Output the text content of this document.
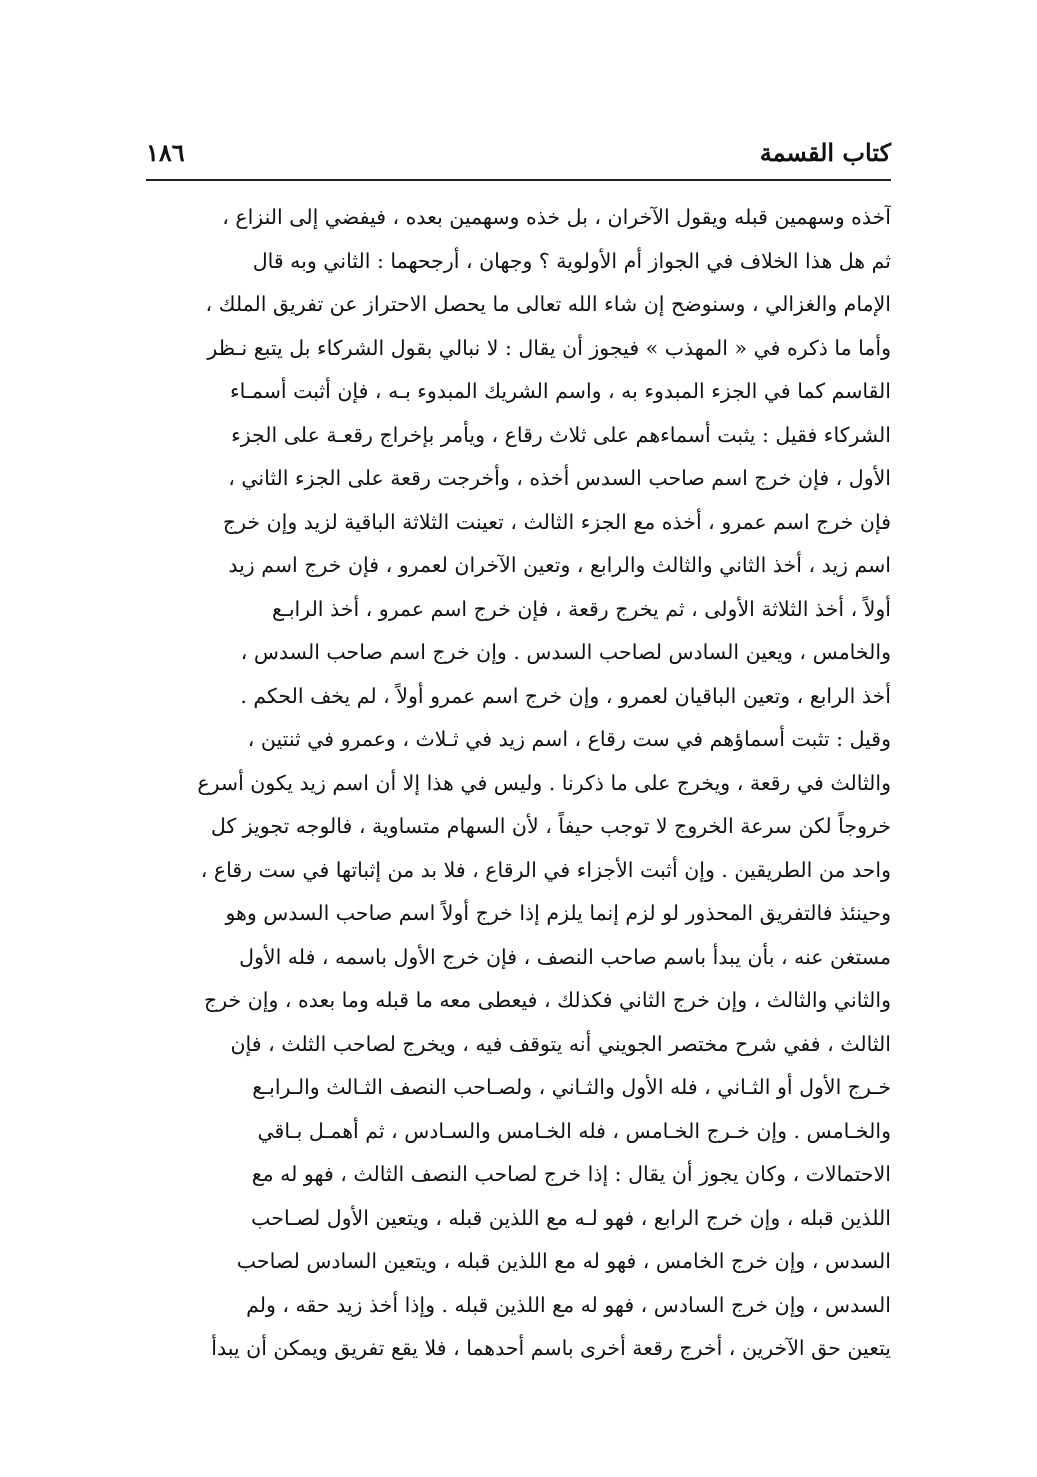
كتاب القسمة
١٨٦
آخذه وسهمين قبله ويقول الآخران ، بل خذه وسهمين بعده ، فيفضي إلى النزاع ،
ثم هل هذا الخلاف في الجواز أم الأولوية ؟ وجهان ، أرجحهما : الثاني وبه قال
الإمام والغزالي ، وسنوضح إن شاء الله تعالى ما يحصل الاحتراز عن تفريق الملك ،
وأما ما ذكره في « المهذب » فيجوز أن يقال : لا نبالي بقول الشركاء بل يتبع نـظر
القاسم كما في الجزء المبدوء به ، واسم الشريك المبدوء بـه ، فإن أثبت أسمـاء
الشركاء فقيل : يثبت أسماءهم على ثلاث رقاع ، ويأمر بإخراج رقعـة على الجزء
الأول ، فإن خرج اسم صاحب السدس أخذه ، وأخرجت رقعة على الجزء الثاني ،
فإن خرج اسم عمرو ، أخذه مع الجزء الثالث ، تعينت الثلاثة الباقية لزيد وإن خرج
اسم زيد ، أخذ الثاني والثالث والرابع ، وتعين الآخران لعمرو ، فإن خرج اسم زيد
أولاً ، أخذ الثلاثة الأولى ، ثم يخرج رقعة ، فإن خرج اسم عمرو ، أخذ الرابـع
والخامس ، ويعين السادس لصاحب السدس . وإن خرج اسم صاحب السدس ،
أخذ الرابع ، وتعين الباقيان لعمرو ، وإن خرج اسم عمرو أولاً ، لم يخف الحكم .
وقيل : تثبت أسماؤهم في ست رقاع ، اسم زيد في ثـلاث ، وعمرو في ثنتين ،
والثالث في رقعة ، ويخرج على ما ذكرنا . وليس في هذا إلا أن اسم زيد يكون أسرع
خروجاً لكن سرعة الخروج لا توجب حيفاً ، لأن السهام متساوية ، فالوجه تجويز كل
واحد من الطريقين . وإن أثبت الأجزاء في الرقاع ، فلا بد من إثباتها في ست رقاع ،
وحينئذ فالتفريق المحذور لو لزم إنما يلزم إذا خرج أولاً اسم صاحب السدس وهو
مستغن عنه ، بأن يبدأ باسم صاحب النصف ، فإن خرج الأول باسمه ، فله الأول
والثاني والثالث ، وإن خرج الثاني فكذلك ، فيعطى معه ما قبله وما بعده ، وإن خرج
الثالث ، ففي شرح مختصر الجويني أنه يتوقف فيه ، ويخرج لصاحب الثلث ، فإن
خـرج الأول أو الثـاني ، فله الأول والثـاني ، ولصـاحب النصف الثـالث والـرابـع
والخـامس . وإن خـرج الخـامس ، فله الخـامس والسـادس ، ثم أهمـل بـاقي
الاحتمالات ، وكان يجوز أن يقال : إذا خرج لصاحب النصف الثالث ، فهو له مع
اللذين قبله ، وإن خرج الرابع ، فهو لـه مع اللذين قبله ، ويتعين الأول لصـاحب
السدس ، وإن خرج الخامس ، فهو له مع اللذين قبله ، ويتعين السادس لصاحب
السدس ، وإن خرج السادس ، فهو له مع اللذين قبله . وإذا أخذ زيد حقه ، ولم
يتعين حق الآخرين ، أخرج رقعة أخرى باسم أحدهما ، فلا يقع تفريق ويمكن أن يبدأ
